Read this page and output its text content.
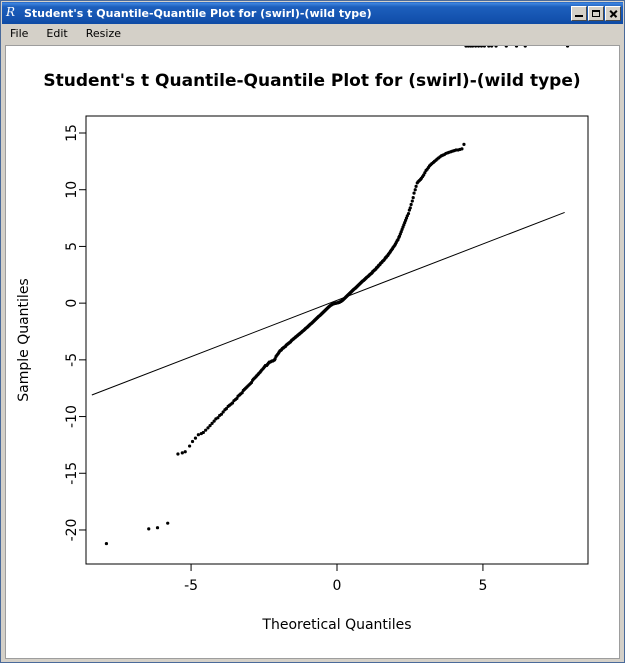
R Student's t Quantile-Quantile Plot for (swirl)-(wild type)
File	Edit	Resize
Student's t Quantile-Quantile Plot for (swirl)-(wild type)
-5	0	5
-20
-15
-10
-5
0
5
10
15
Theoretical Quantiles
Sample Quantiles
